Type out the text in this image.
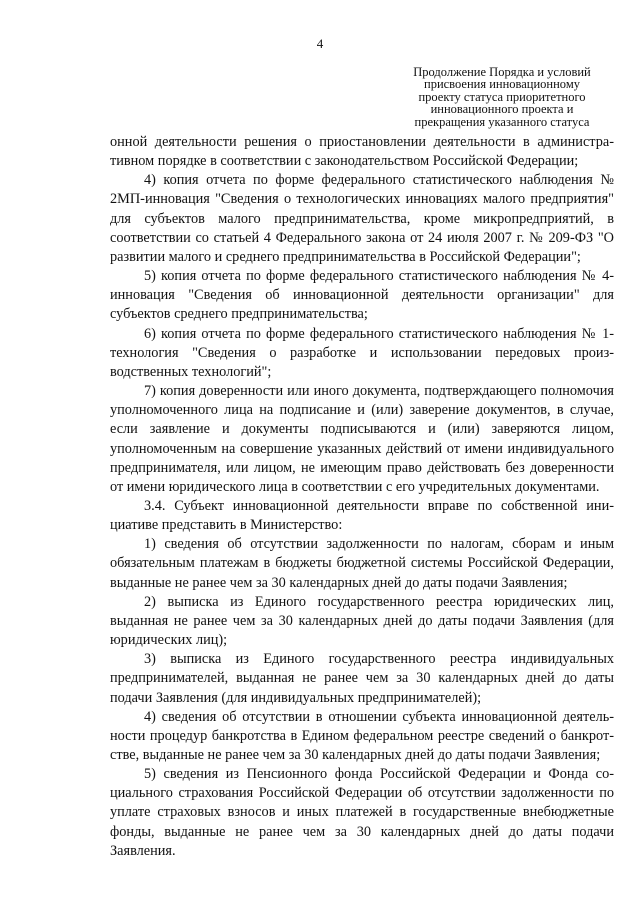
4
Продолжение Порядка и условий
присвоения инновационному
проекту статуса приоритетного
инновационного проекта и
прекращения указанного статуса

онной деятельности решения о приостановлении деятельности в административном порядке в соответствии с законодательством Российской Федерации;

4) копия отчета по форме федерального статистического наблюдения № 2МП-инновация "Сведения о технологических инновациях малого предприятия" для субъектов малого предпринимательства, кроме микропредприятий, в соответствии со статьей 4 Федерального закона от 24 июля 2007 г. № 209-ФЗ "О развитии малого и среднего предпринимательства в Российской Федерации";

5) копия отчета по форме федерального статистического наблюдения № 4-инновация "Сведения об инновационной деятельности организации" для субъектов среднего предпринимательства;

6) копия отчета по форме федерального статистического наблюдения № 1-технология "Сведения о разработке и использовании передовых производственных технологий";

7) копия доверенности или иного документа, подтверждающего полномочия уполномоченного лица на подписание и (или) заверение документов, в случае, если заявление и документы подписываются и (или) заверяются лицом, уполномоченным на совершение указанных действий от имени индивидуального предпринимателя, или лицом, не имеющим право действовать без доверенности от имени юридического лица в соответствии с его учредительных документами.

3.4. Субъект инновационной деятельности вправе по собственной инициативе представить в Министерство:

1) сведения об отсутствии задолженности по налогам, сборам и иным обязательным платежам в бюджеты бюджетной системы Российской Федерации, выданные не ранее чем за 30 календарных дней до даты подачи Заявления;

2) выписка из Единого государственного реестра юридических лиц, выданная не ранее чем за 30 календарных дней до даты подачи Заявления (для юридических лиц);

3) выписка из Единого государственного реестра индивидуальных предпринимателей, выданная не ранее чем за 30 календарных дней до даты подачи Заявления (для индивидуальных предпринимателей);

4) сведения об отсутствии в отношении субъекта инновационной деятельности процедур банкротства в Едином федеральном реестре сведений о банкротстве, выданные не ранее чем за 30 календарных дней до даты подачи Заявления;

5) сведения из Пенсионного фонда Российской Федерации и Фонда социального страхования Российской Федерации об отсутствии задолженности по уплате страховых взносов и иных платежей в государственные внебюджетные фонды, выданные не ранее чем за 30 календарных дней до даты подачи Заявления.
